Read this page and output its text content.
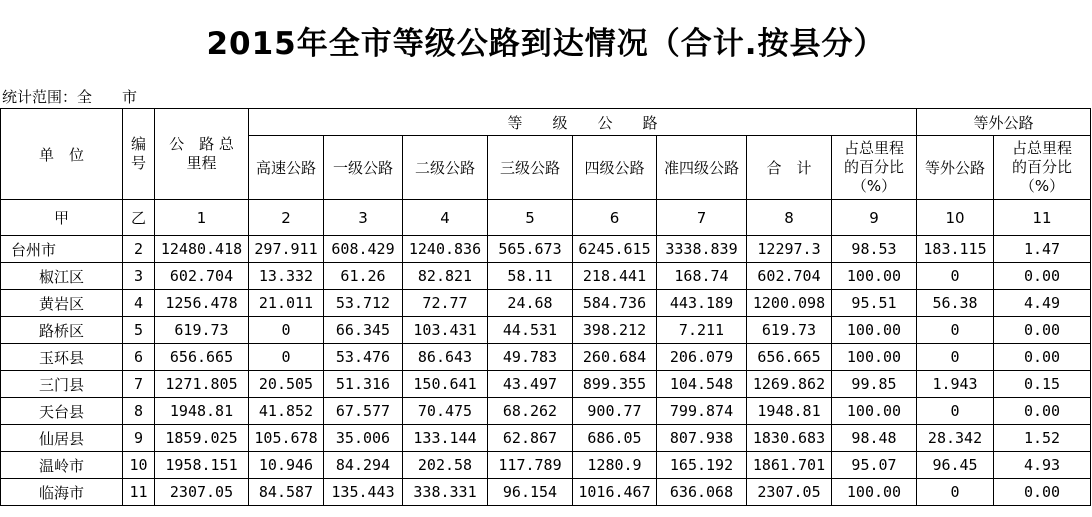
2015年全市等级公路到达情况（合计.按县分）
统计范围：全　　市
单　位	编 号	公　路 总里程	等　　级　　公　　路								等外公路	
			高速公路	一级公路	二级公路	三级公路	四级公路	准四级公路	合　计	占总里程 的百分比 （%）	等外公路	占总里程 的百分比 （%）
甲	乙	1	2	3	4	5	6	7	8	9	10	11
台州市	2	12480.418	297.911	608.429	1240.836	565.673	6245.615	3338.839	12297.3	98.53	183.115	1.47
椒江区	3	602.704	13.332	61.26	82.821	58.11	218.441	168.74	602.704	100.00	0	0.00
黄岩区	4	1256.478	21.011	53.712	72.77	24.68	584.736	443.189	1200.098	95.51	56.38	4.49
路桥区	5	619.73	0	66.345	103.431	44.531	398.212	7.211	619.73	100.00	0	0.00
玉环县	6	656.665	0	53.476	86.643	49.783	260.684	206.079	656.665	100.00	0	0.00
三门县	7	1271.805	20.505	51.316	150.641	43.497	899.355	104.548	1269.862	99.85	1.943	0.15
天台县	8	1948.81	41.852	67.577	70.475	68.262	900.77	799.874	1948.81	100.00	0	0.00
仙居县	9	1859.025	105.678	35.006	133.144	62.867	686.05	807.938	1830.683	98.48	28.342	1.52
温岭市	10	1958.151	10.946	84.294	202.58	117.789	1280.9	165.192	1861.701	95.07	96.45	4.93
临海市	11	2307.05	84.587	135.443	338.331	96.154	1016.467	636.068	2307.05	100.00	0	0.00
